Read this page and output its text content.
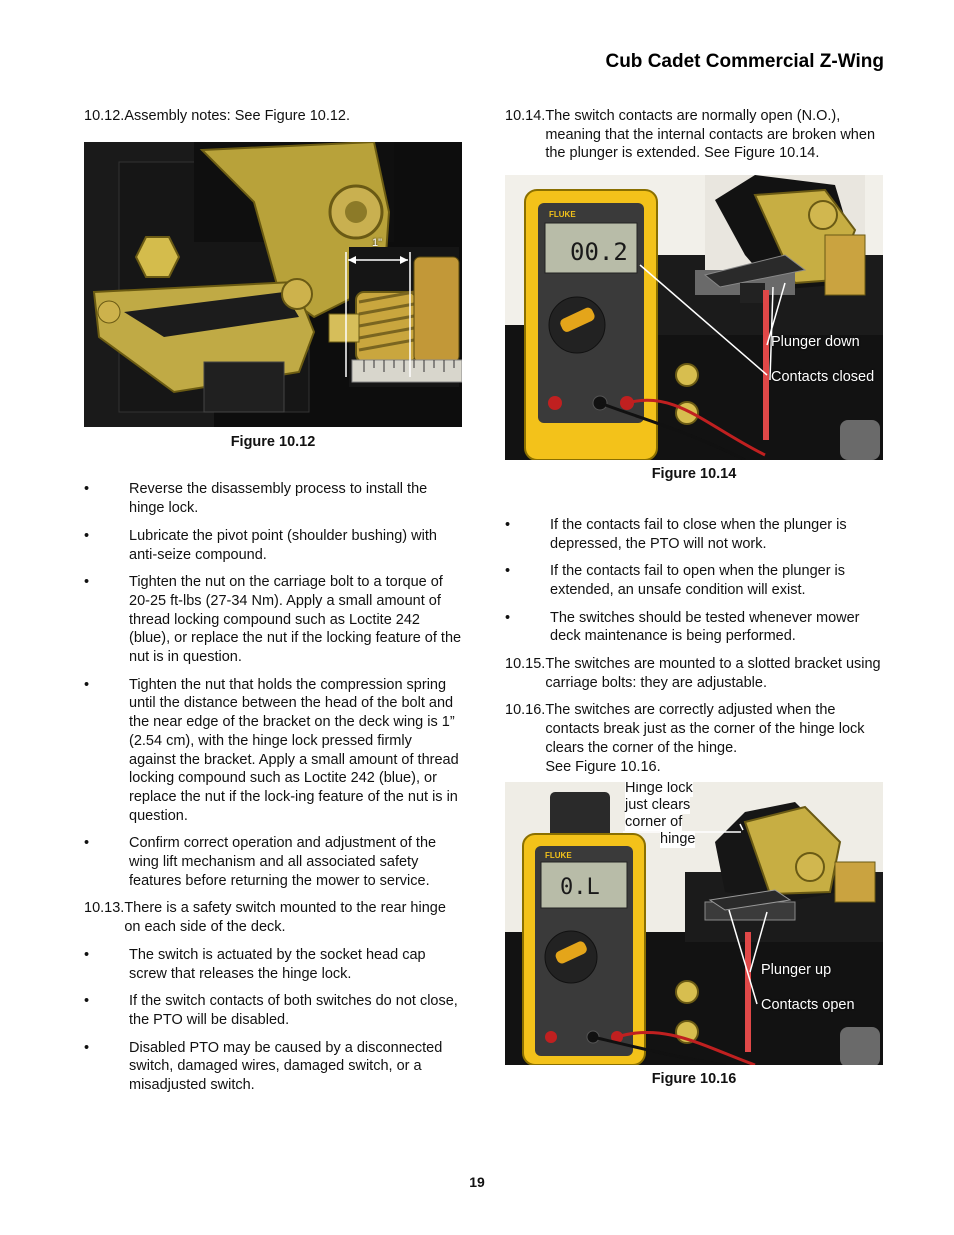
Cub Cadet Commercial Z-Wing
10.12. Assembly notes: See Figure 10.12.
1"
Figure 10.12
•	Reverse the disassembly process to install the hinge lock.
•	Lubricate the pivot point (shoulder bushing) with anti-seize compound.
•	Tighten the nut on the carriage bolt to a torque of 20-25 ft-lbs (27-34 Nm). Apply a small amount of thread locking compound such as Loctite 242 (blue), or replace the nut if the locking feature of the nut is in question.
•	Tighten the nut that holds the compression spring until the distance between the head of the bolt and the near edge of the bracket on the deck wing is 1” (2.54 cm), with the hinge lock pressed firmly against the bracket. Apply a small amount of thread locking compound such as Loctite 242 (blue), or replace the nut if the lock-ing feature of the nut is in question.
•	Confirm correct operation and adjustment of the wing lift mechanism and all associated safety features before returning the mower to service.
10.13. There is a safety switch mounted to the rear hinge on each side of the deck.
•	The switch is actuated by the socket head cap screw that releases the hinge lock.
•	If the switch contacts of both switches do not close, the PTO will be disabled.
•	Disabled PTO may be caused by a disconnected switch, damaged wires, damaged switch, or a misadjusted switch.
10.14. The switch contacts are normally open (N.O.), meaning that the internal contacts are broken when the plunger is extended. See Figure 10.14.
00.2
FLUKE
Plunger down
Contacts closed
Figure 10.14
•	If the contacts fail to close when the plunger is depressed, the PTO will not work.
•	If the contacts fail to open when the plunger is extended, an unsafe condition will exist.
•	The switches should be tested whenever mower deck maintenance is being performed.
10.15. The switches are mounted to a slotted bracket using carriage bolts: they are adjustable.
10.16. The switches are correctly adjusted when the contacts break just as the corner of the hinge lock clears the corner of the hinge.
See Figure 10.16.
0.L
FLUKE
Hinge lock
just clears
corner of
hinge
Plunger up
Contacts open
Figure 10.16
19
